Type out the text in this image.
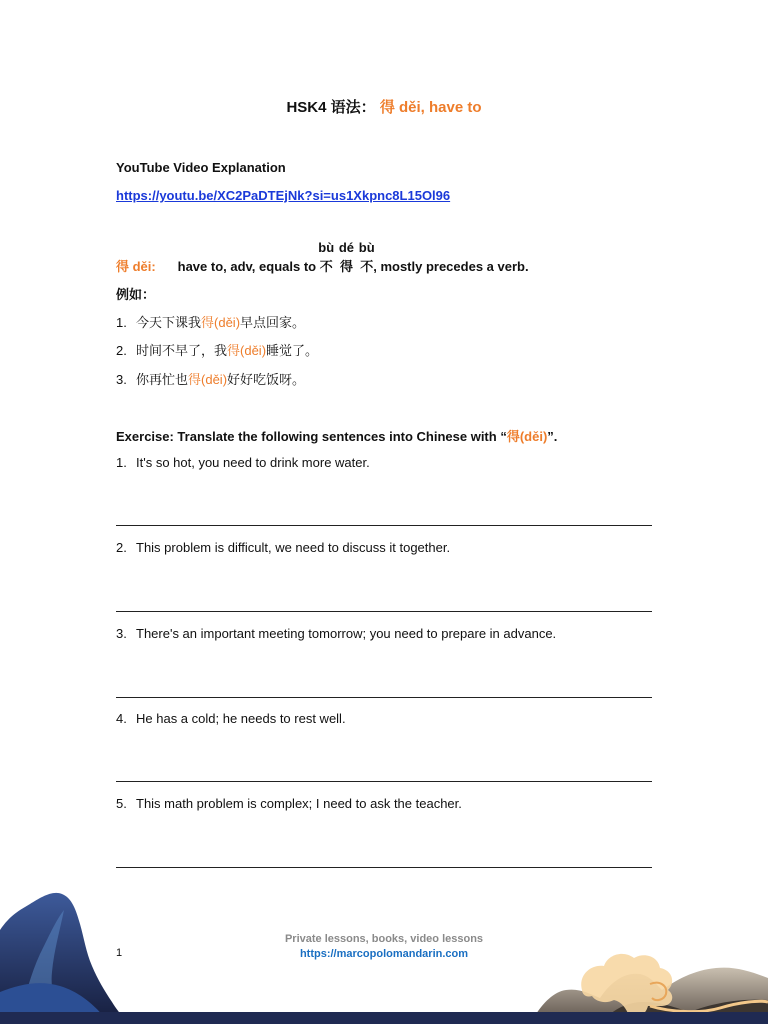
HSK4 语法： 得 děi, have to
YouTube Video Explanation
https://youtu.be/XC2PaDTEjNk?si=us1Xkpnc8L15Ol96
得 děi: have to, adv, equals to
bù
不
dé
得
bù
不, mostly precedes a verb.
例如：
1. 今天下课我得(děi)早点回家。
2. 时间不早了，我得(děi)睡觉了。
3. 你再忙也得(děi)好好吃饭呀。
Exercise: Translate the following sentences into Chinese with “得(děi)”.
1. It's so hot, you need to drink more water.
2. This problem is difficult, we need to discuss it together.
3. There's an important meeting tomorrow; you need to prepare in advance.
4. He has a cold; he needs to rest well.
5. This math problem is complex; I need to ask the teacher.
1
Private lessons, books, video lessons
https://marcopolomandarin.com
